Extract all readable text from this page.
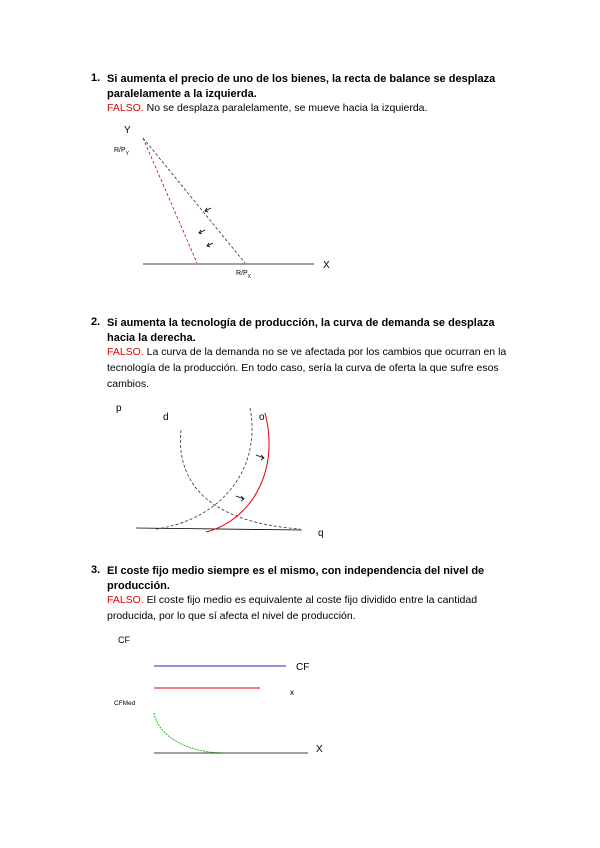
1. Si aumenta el precio de uno de los bienes, la recta de balance se desplaza paralelamente a la izquierda.
FALSO. No se desplaza paralelamente, se mueve hacia la izquierda.
Y
$R/P_Y$
X
$R/P_X$
p
d	o
q
CF
CF
x
CFMed
X
2. Si aumenta la tecnología de producción, la curva de demanda se desplaza hacia la derecha.
FALSO. La curva de la demanda no se ve afectada por los cambios que ocurran en la tecnología de la producción. En todo caso, sería la curva de oferta la que sufre esos cambios.
3. El coste fijo medio siempre es el mismo, con independencia del nivel de producción.
FALSO. El coste fijo medio es equivalente al coste fijo dividido entre la cantidad producida, por lo que sí afecta el nivel de producción.
